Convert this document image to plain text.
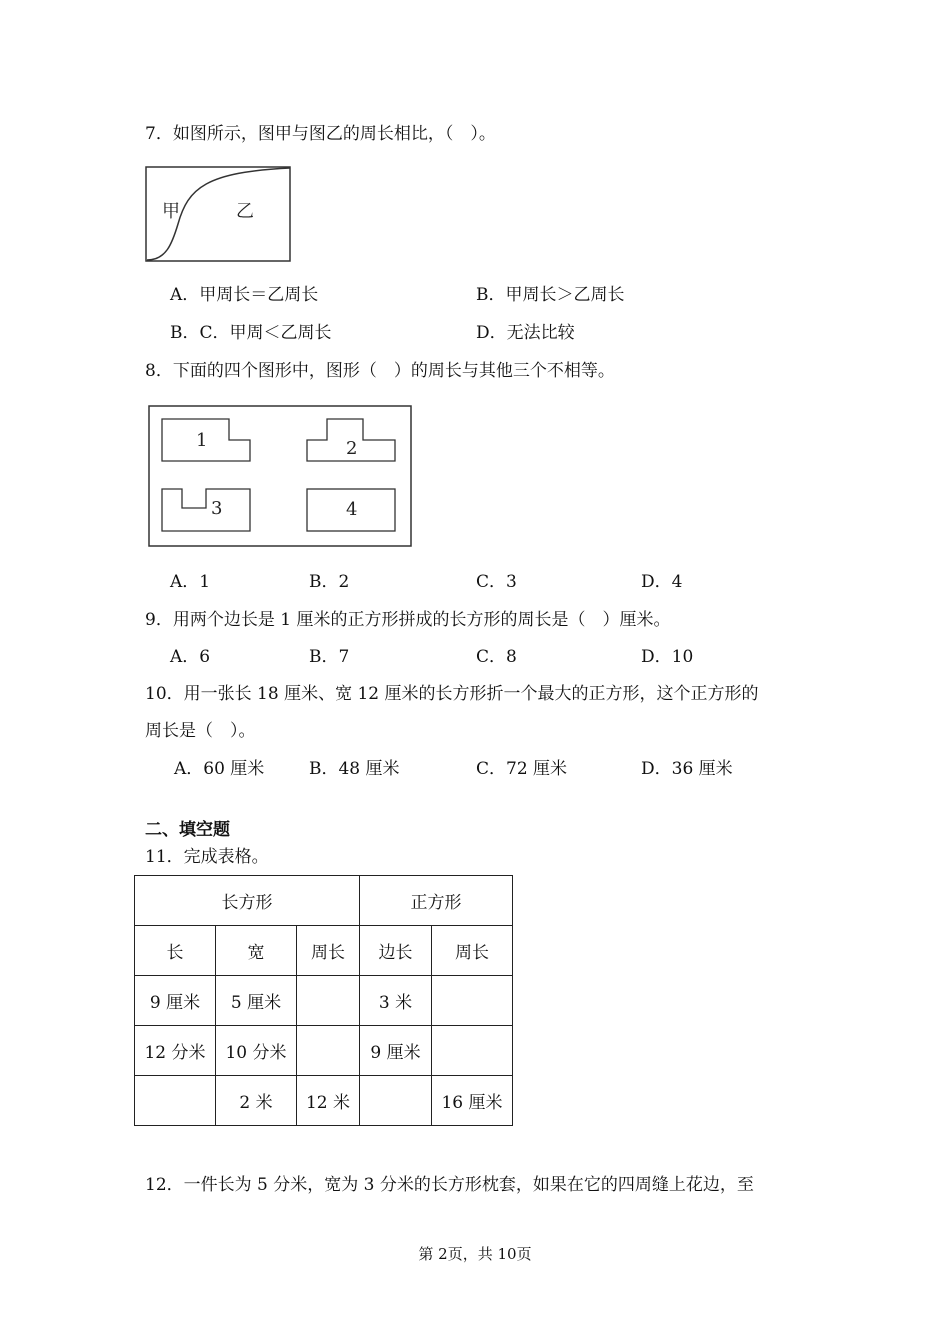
7．如图所示，图甲与图乙的周长相比，（　）。
甲	乙
A．甲周长＝乙周长	B．甲周长＞乙周长
B．C．甲周＜乙周长	D．无法比较
8．下面的四个图形中，图形（　）的周长与其他三个不相等。
1	2
3	4
A．1	B．2	C．3	D．4
9．用两个边长是 1 厘米的正方形拼成的长方形的周长是（　）厘米。
A．6	B．7	C．8	D．10
10．用一张长 18 厘米、宽 12 厘米的长方形折一个最大的正方形，这个正方形的
周长是（　）。
A．60 厘米	B．48 厘米	C．72 厘米	D．36 厘米
二、填空题
11．完成表格。
长方形			正方形	
长	宽	周长	边长	周长
9 厘米	5 厘米		3 米	
12 分米	10 分米		9 厘米	
	2 米	12 米		16 厘米
12．一件长为 5 分米，宽为 3 分米的长方形枕套，如果在它的四周缝上花边，至
第 2页，共 10页
